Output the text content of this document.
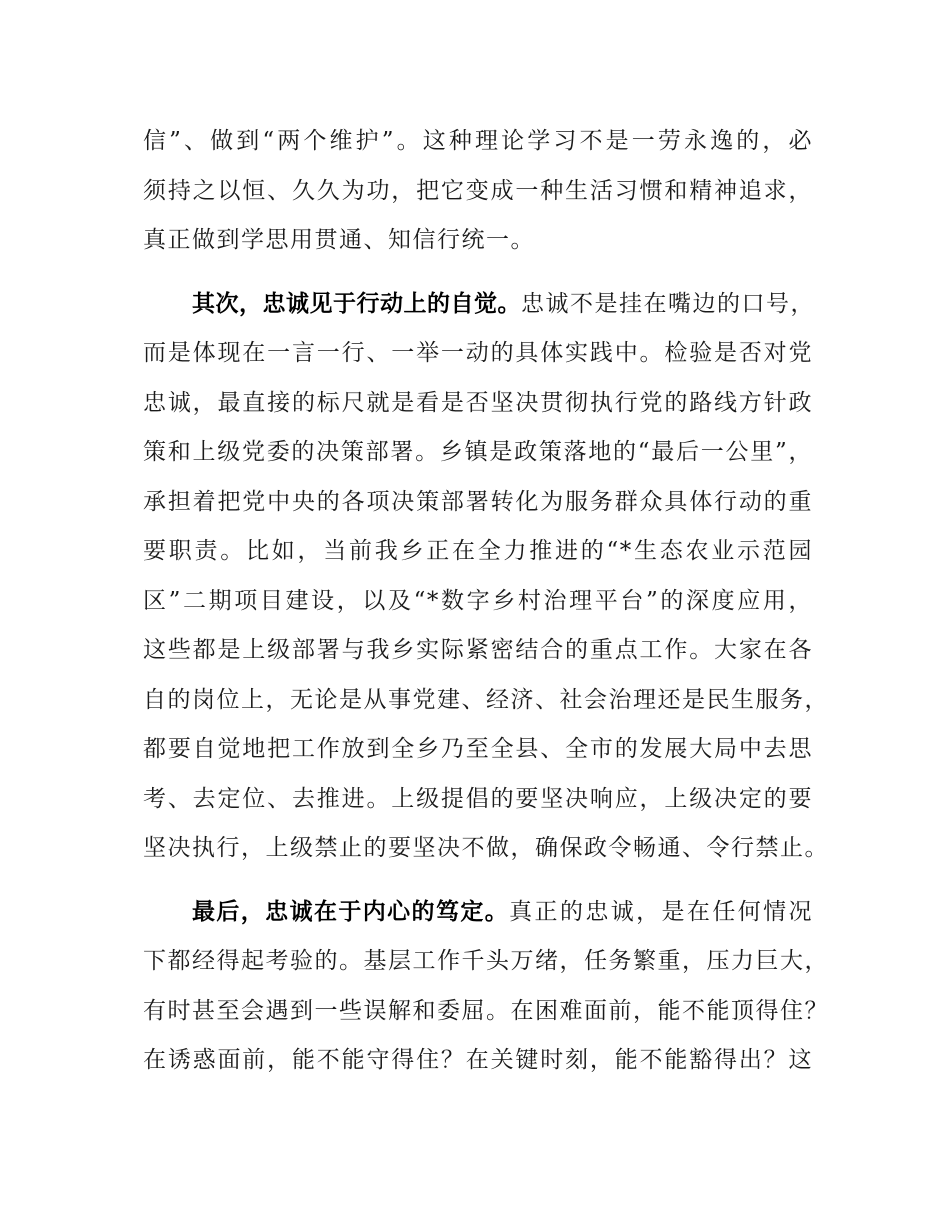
信”、做到“两个维护”。这种理论学习不是一劳永逸的，必
须持之以恒、久久为功，把它变成一种生活习惯和精神追求，
真正做到学思用贯通、知信行统一。
其次，忠诚见于行动上的自觉。忠诚不是挂在嘴边的口号，
而是体现在一言一行、一举一动的具体实践中。检验是否对党
忠诚，最直接的标尺就是看是否坚决贯彻执行党的路线方针政
策和上级党委的决策部署。乡镇是政策落地的“最后一公里”，
承担着把党中央的各项决策部署转化为服务群众具体行动的重
要职责。比如，当前我乡正在全力推进的“*生态农业示范园
区”二期项目建设，以及“*数字乡村治理平台”的深度应用，
这些都是上级部署与我乡实际紧密结合的重点工作。大家在各
自的岗位上，无论是从事党建、经济、社会治理还是民生服务，
都要自觉地把工作放到全乡乃至全县、全市的发展大局中去思
考、去定位、去推进。上级提倡的要坚决响应，上级决定的要
坚决执行，上级禁止的要坚决不做，确保政令畅通、令行禁止。
最后，忠诚在于内心的笃定。真正的忠诚，是在任何情况
下都经得起考验的。基层工作千头万绪，任务繁重，压力巨大，
有时甚至会遇到一些误解和委屈。在困难面前，能不能顶得住？
在诱惑面前，能不能守得住？在关键时刻，能不能豁得出？这
